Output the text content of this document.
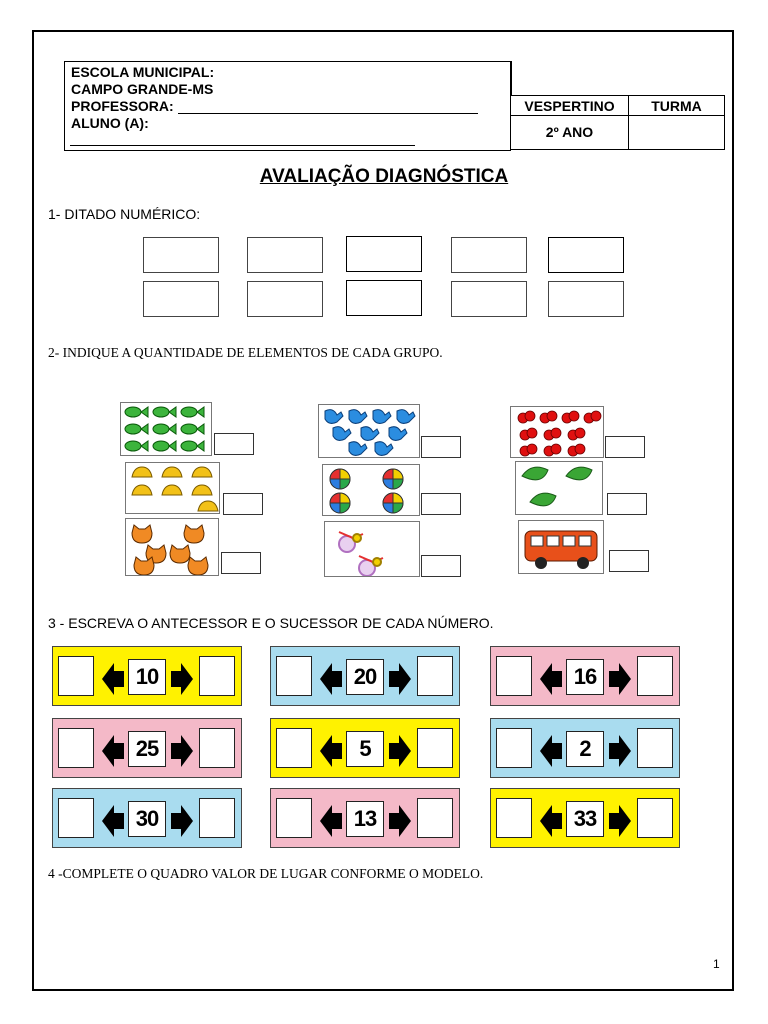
ESCOLA MUNICIPAL:
CAMPO GRANDE-MS
PROFESSORA:
ALUNO (A):
VESPERTINO	TURMA
2º ANO
AVALIAÇÃO DIAGNÓSTICA
1- DITADO NUMÉRICO:
2- INDIQUE A QUANTIDADE DE ELEMENTOS DE CADA GRUPO.
3 - ESCREVA O ANTECESSOR E O SUCESSOR DE CADA NÚMERO.
10	20	16
25	5	2
30	13	33
4 -COMPLETE O QUADRO VALOR DE LUGAR CONFORME O MODELO.
1
